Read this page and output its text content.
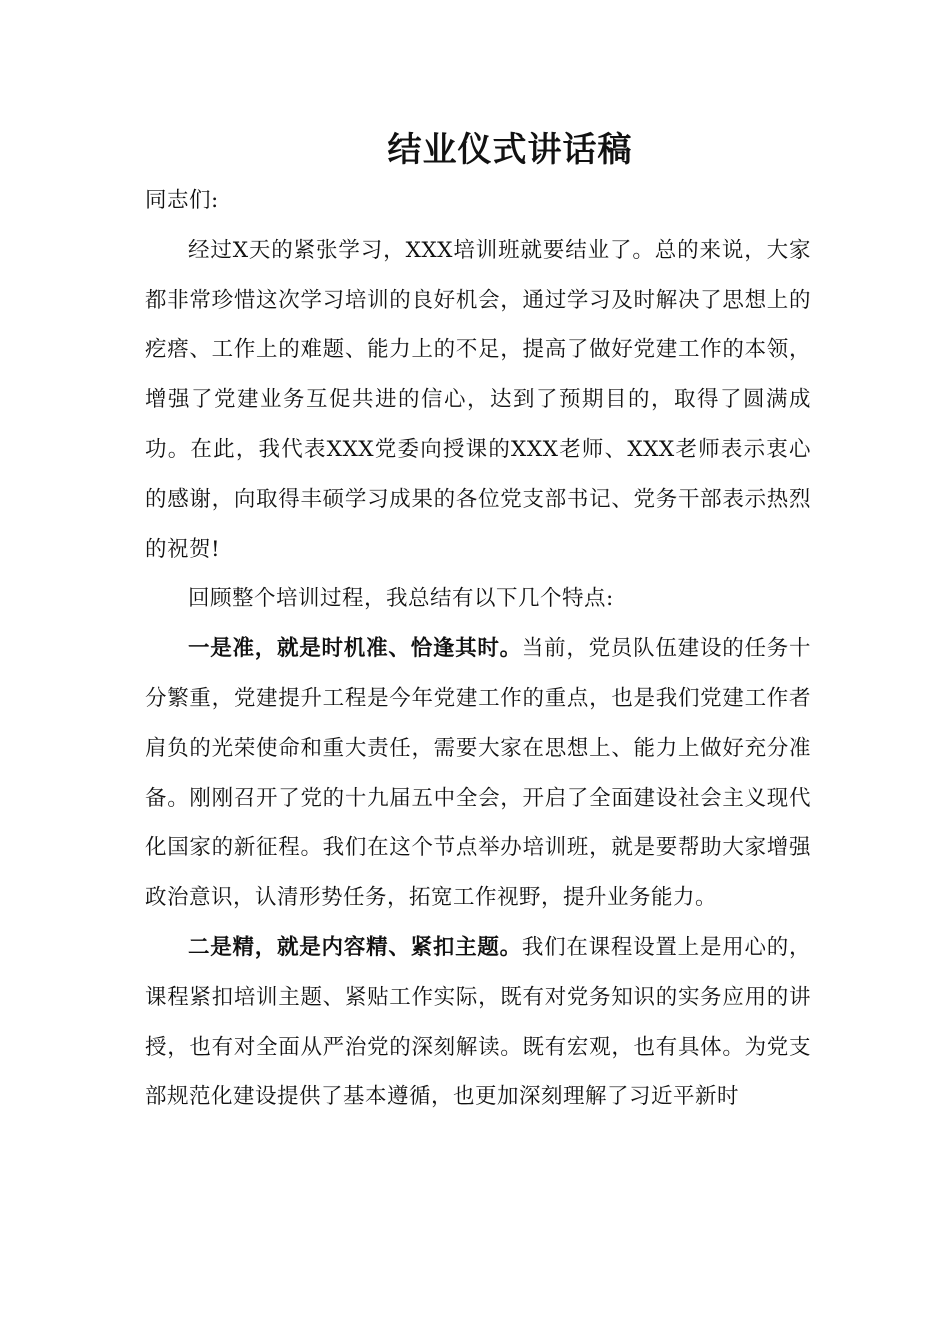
结业仪式讲话稿

同志们:

经过X天的紧张学习，XXX培训班就要结业了。总的来说，大家都非常珍惜这次学习培训的良好机会，通过学习及时解决了思想上的疙瘩、工作上的难题、能力上的不足，提高了做好党建工作的本领，增强了党建业务互促共进的信心，达到了预期目的，取得了圆满成功。在此，我代表XXX党委向授课的XXX老师、XXX老师表示衷心的感谢，向取得丰硕学习成果的各位党支部书记、党务干部表示热烈的祝贺!

回顾整个培训过程，我总结有以下几个特点:

一是准，就是时机准、恰逢其时。当前，党员队伍建设的任务十分繁重，党建提升工程是今年党建工作的重点，也是我们党建工作者肩负的光荣使命和重大责任，需要大家在思想上、能力上做好充分准备。刚刚召开了党的十九届五中全会，开启了全面建设社会主义现代化国家的新征程。我们在这个节点举办培训班，就是要帮助大家增强政治意识，认清形势任务，拓宽工作视野，提升业务能力。

二是精，就是内容精、紧扣主题。我们在课程设置上是用心的，课程紧扣培训主题、紧贴工作实际，既有对党务知识的实务应用的讲授，也有对全面从严治党的深刻解读。既有宏观，也有具体。为党支部规范化建设提供了基本遵循，也更加深刻理解了习近平新时
